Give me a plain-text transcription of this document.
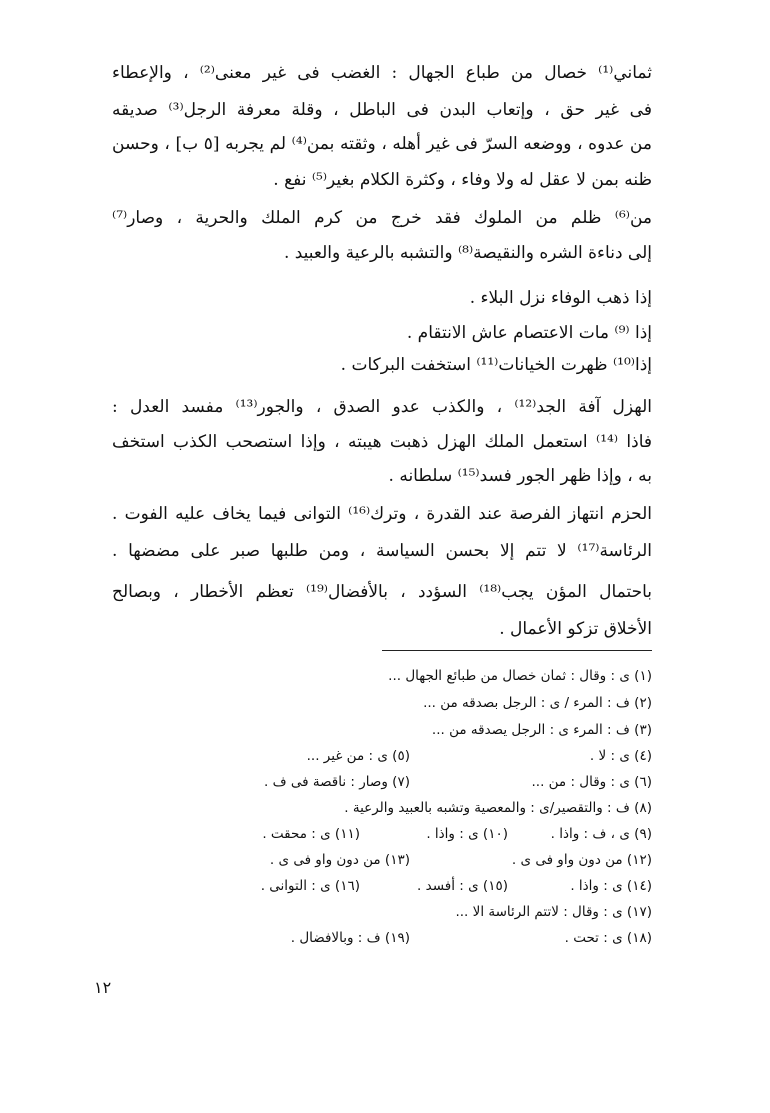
ثماني⁽¹⁾ خصال من طباع الجهال : الغضب فى غير معنى⁽²⁾ ، والإعطاء
فى غير حق ، وإتعاب البدن فى الباطل ، وقلة معرفة الرجل⁽³⁾ صديقه
من عدوه ، ووضعه السرّ فى غير أهله ، وثقته بمن⁽⁴⁾ لم يجربه [٥ ب] ، وحسن
ظنه بمن لا عقل له ولا وفاء ، وكثرة الكلام بغير⁽⁵⁾ نفع .
من⁽⁶⁾ ظلم من الملوك فقد خرج من كرم الملك والحرية ، وصار⁽⁷⁾
إلى دناءة الشره والنقيصة⁽⁸⁾ والتشبه بالرعية والعبيد .
إذا ذهب الوفاء نزل البلاء .
إذا ⁽⁹⁾ مات الاعتصام عاش الانتقام .
إذا⁽¹⁰⁾ ظهرت الخيانات⁽¹¹⁾ استخفت البركات .
الهزل آفة الجد⁽¹²⁾ ، والكذب عدو الصدق ، والجور⁽¹³⁾ مفسد العدل :
فاذا ⁽¹⁴⁾ استعمل الملك الهزل ذهبت هيبته ، وإذا استصحب الكذب استخف
به ، وإذا ظهر الجور فسد⁽¹⁵⁾ سلطانه .
الحزم انتهاز الفرصة عند القدرة ، وترك⁽¹⁶⁾ التوانى فيما يخاف عليه الفوت .
الرئاسة⁽¹⁷⁾ لا تتم إلا بحسن السياسة ، ومن طلبها صبر على مضضها .
باحتمال المؤن يجب⁽¹⁸⁾ السؤدد ، بالأفضال⁽¹⁹⁾ تعظم الأخطار ، وبصالح
الأخلاق تزكو الأعمال .
(١) ى : وقال : ثمان خصال من طبائع الجهال ...
(٢) ف : المرء / ى : الرجل بصدقه من ...
(٣) ف : المرء ى : الرجل يصدقه من ...
(٤) ى : لا .
(٥) ى : من غير ...
(٦) ى : وقال : من ...
(٧) وصار : ناقصة فى ف .
(٨) ف : والتقصير/ى : والمعصية وتشبه بالعبيد والرعية .
(٩) ى ، ف : واذا .
(١٠) ى : واذا .
(١١) ى : محقت .
(١٢) من دون واو فى ى .
(١٣) من دون واو فى ى .
(١٤) ى : واذا .
(١٥) ى : أفسد .
(١٦) ى : التوانى .
(١٧) ى : وقال : لاتتم الرئاسة الا ...
(١٨) ى : تحت .
(١٩) ف : وبالافضال .
١٢
